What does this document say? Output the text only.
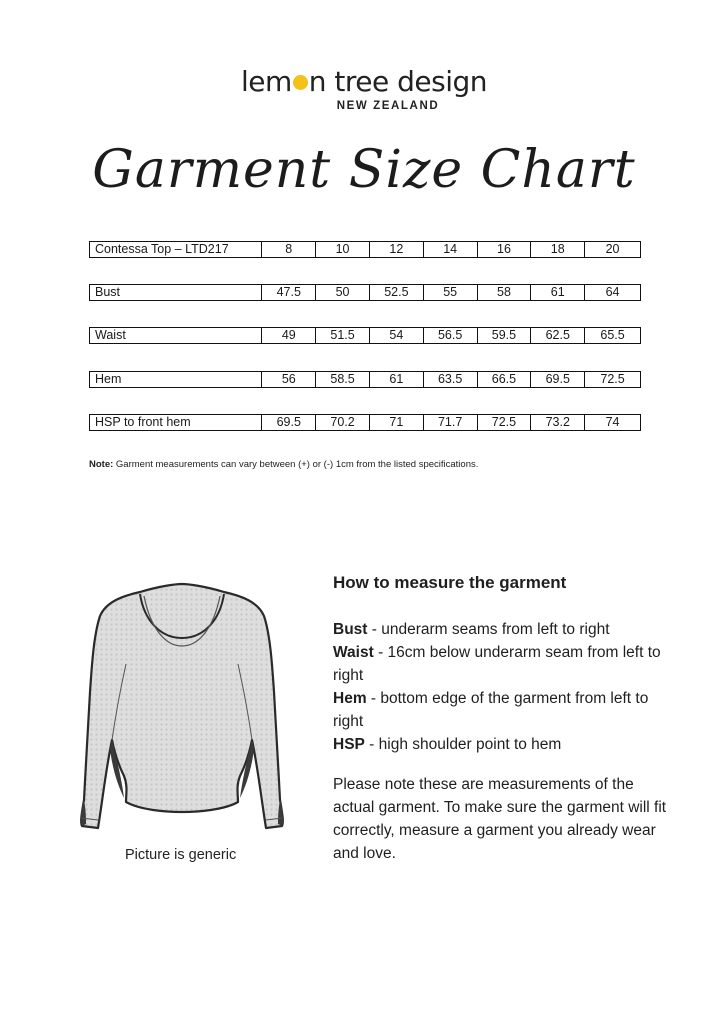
lem n tree design
NEW ZEALAND
Garment Size Chart
Contessa Top – LTD217	8	10	12	14	16	18	20
Bust	47.5	50	52.5	55	58	61	64
Waist	49	51.5	54	56.5	59.5	62.5	65.5
Hem	56	58.5	61	63.5	66.5	69.5	72.5
HSP to front hem	69.5	70.2	71	71.7	72.5	73.2	74
Note: Garment measurements can vary between (+) or (-) 1cm from the listed specifications.
Picture is generic
How to measure the garment

Bust - underarm seams from left to right

Waist - 16cm below underarm seam from left to right

Hem - bottom edge of the garment from left to right

HSP - high shoulder point to hem

Please note these are measurements of the actual garment. To make sure the garment will fit correctly, measure a garment you already wear and love.
